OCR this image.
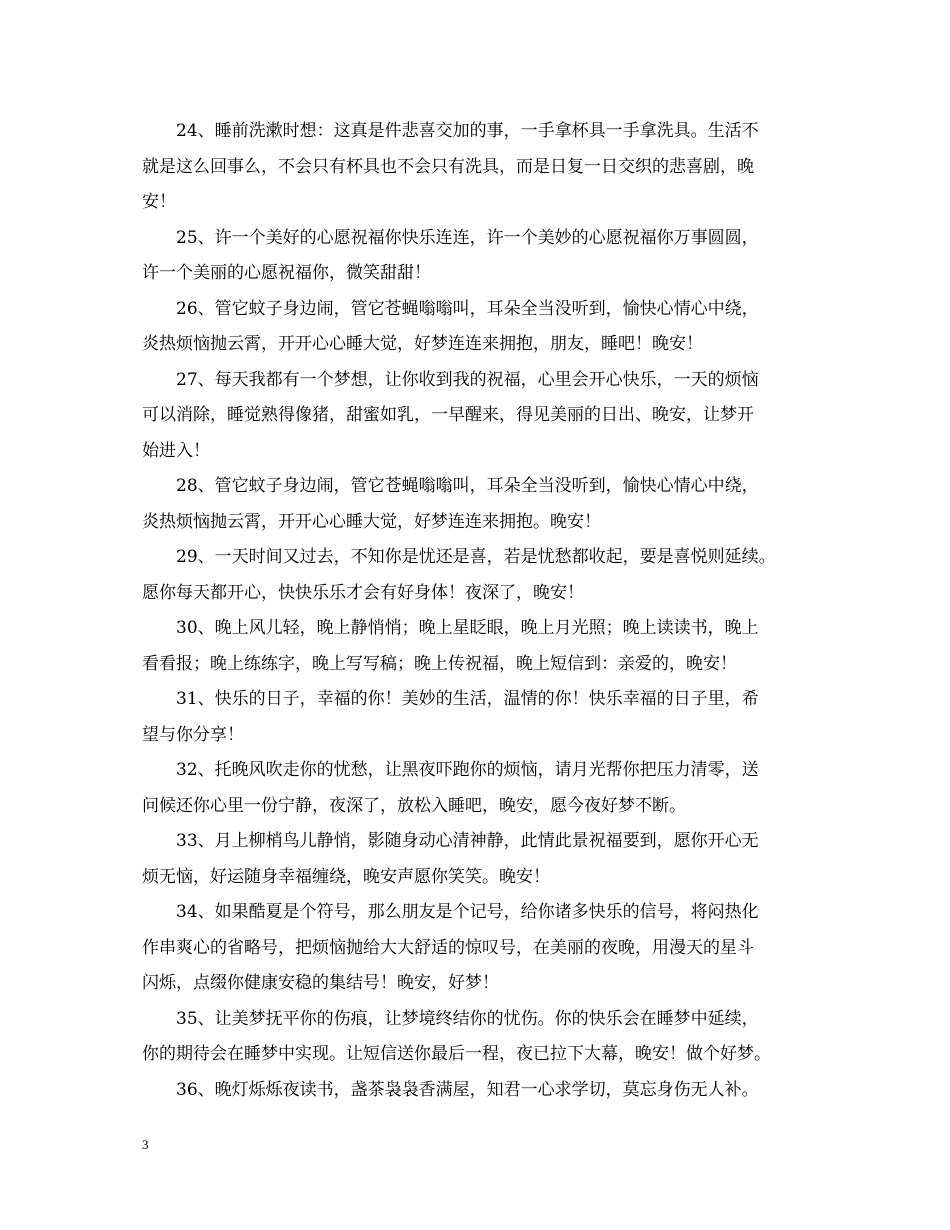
24、睡前洗漱时想：这真是件悲喜交加的事，一手拿杯具一手拿洗具。生活不
就是这么回事么，不会只有杯具也不会只有洗具，而是日复一日交织的悲喜剧，晚
安！

25、许一个美好的心愿祝福你快乐连连，许一个美妙的心愿祝福你万事圆圆，
许一个美丽的心愿祝福你，微笑甜甜！

26、管它蚊子身边闹，管它苍蝇嗡嗡叫，耳朵全当没听到，愉快心情心中绕，
炎热烦恼抛云霄，开开心心睡大觉，好梦连连来拥抱，朋友，睡吧！晚安！

27、每天我都有一个梦想，让你收到我的祝福，心里会开心快乐，一天的烦恼
可以消除，睡觉熟得像猪，甜蜜如乳，一早醒来，得见美丽的日出、晚安，让梦开
始进入！

28、管它蚊子身边闹，管它苍蝇嗡嗡叫，耳朵全当没听到，愉快心情心中绕，
炎热烦恼抛云霄，开开心心睡大觉，好梦连连来拥抱。晚安！

29、一天时间又过去，不知你是忧还是喜，若是忧愁都收起，要是喜悦则延续。
愿你每天都开心，快快乐乐才会有好身体！夜深了，晚安！

30、晚上风儿轻，晚上静悄悄；晚上星眨眼，晚上月光照；晚上读读书，晚上
看看报；晚上练练字，晚上写写稿；晚上传祝福，晚上短信到：亲爱的，晚安！

31、快乐的日子，幸福的你！美妙的生活，温情的你！快乐幸福的日子里，希
望与你分享！

32、托晚风吹走你的忧愁，让黑夜吓跑你的烦恼，请月光帮你把压力清零，送
问候还你心里一份宁静，夜深了，放松入睡吧，晚安，愿今夜好梦不断。

33、月上柳梢鸟儿静悄，影随身动心清神静，此情此景祝福要到，愿你开心无
烦无恼，好运随身幸福缠绕，晚安声愿你笑笑。晚安！

34、如果酷夏是个符号，那么朋友是个记号，给你诸多快乐的信号，将闷热化
作串爽心的省略号，把烦恼抛给大大舒适的惊叹号，在美丽的夜晚，用漫天的星斗
闪烁，点缀你健康安稳的集结号！晚安，好梦！

35、让美梦抚平你的伤痕，让梦境终结你的忧伤。你的快乐会在睡梦中延续，
你的期待会在睡梦中实现。让短信送你最后一程，夜已拉下大幕，晚安！做个好梦。

36、晚灯烁烁夜读书，盏茶袅袅香满屋，知君一心求学切，莫忘身伤无人补。

3
